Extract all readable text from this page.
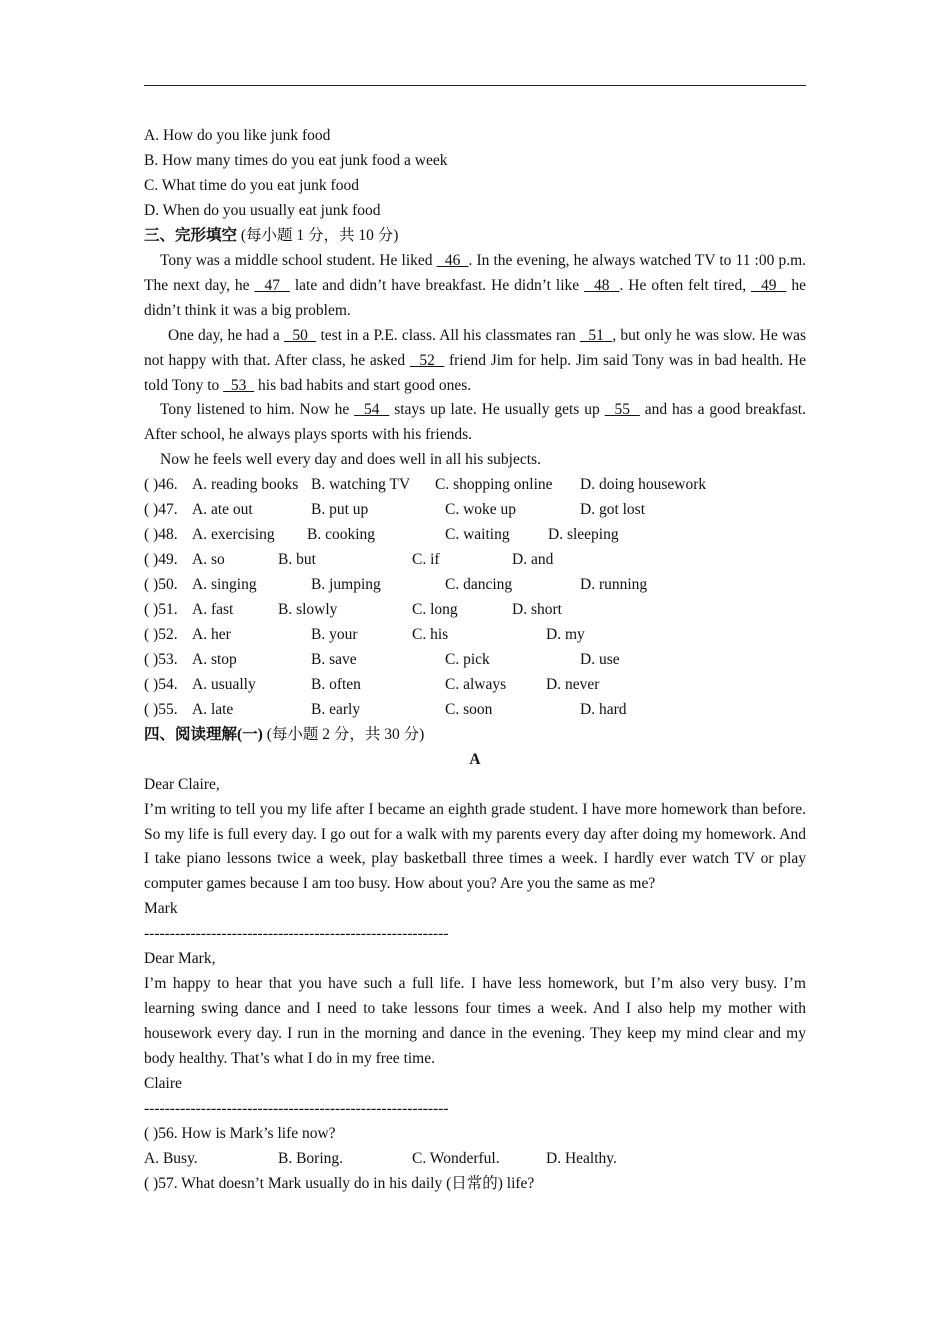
A. How do you like junk food
B. How many times do you eat junk food a week
C. What time do you eat junk food
D. When do you usually eat junk food
三、完形填空 (每小题 1 分，共 10 分)
Tony was a middle school student. He liked   46  . In the evening, he always watched TV to 11 :00 p.m. The next day, he   47   late and didn’t have breakfast. He didn’t like   48  . He often felt tired,   49   he didn’t think it was a big problem.
One day, he had a   50   test in a P.E. class. All his classmates ran   51  , but only he was slow. He was not happy with that. After class, he asked   52   friend Jim for help. Jim said Tony was in bad health. He told Tony to   53   his bad habits and start good ones.
Tony listened to him. Now he   54   stays up late. He usually gets up   55   and has a good breakfast. After school, he always plays sports with his friends.
Now he feels well every day and does well in all his subjects.
( )46. A. reading books B. watching TV C. shopping online D. doing housework
( )47. A. ate out	B. put up	C. woke up	D. got lost
( )48. A. exercising B. cooking	C. waiting D. sleeping
( )49. A. so	B. but	C. if	D. and
( )50. A. singing	B. jumping	C. dancing	D. running
( )51. A. fast	B. slowly	C. long	D. short
( )52. A. her	B. your	C. his	D. my
( )53. A. stop	B. save	C. pick	D. use
( )54. A. usually	B. often	C. always	D. never
( )55. A. late	B. early	C. soon	D. hard
四、阅读理解(一) (每小题 2 分，共 30 分)
A
Dear Claire,
I’m writing to tell you my life after I became an eighth grade student. I have more homework than before. So my life is full every day. I go out for a walk with my parents every day after doing my homework. And I take piano lessons twice a week, play basketball three times a week. I hardly ever watch TV or play computer games because I am too busy. How about you? Are you the same as me?
Mark
-----------------------------------------------------------
Dear Mark,
I’m happy to hear that you have such a full life. I have less homework, but I’m also very busy. I’m learning swing dance and I need to take lessons four times a week. And I also help my mother with housework every day. I run in the morning and dance in the evening. They keep my mind clear and my body healthy. That’s what I do in my free time.
Claire
-----------------------------------------------------------
( )56. How is Mark’s life now?
A. Busy.	B. Boring.	C. Wonderful.	D. Healthy.
( )57. What doesn’t Mark usually do in his daily (日常的) life?
